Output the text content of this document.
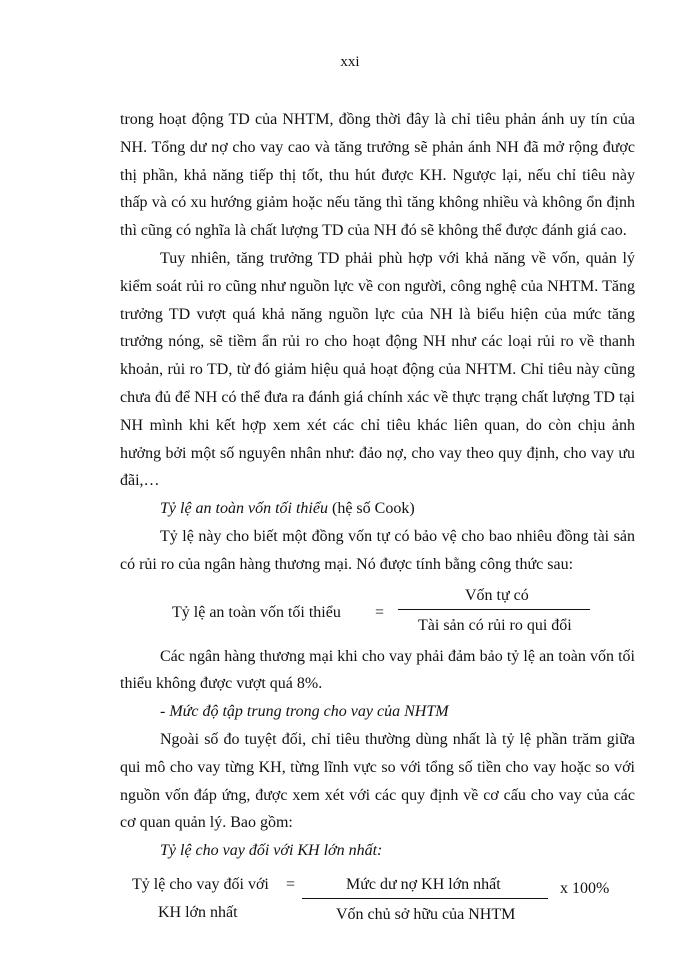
xxi

trong hoạt động TD của NHTM, đồng thời đây là chỉ tiêu phản ánh uy tín của NH. Tổng dư nợ cho vay cao và tăng trưởng sẽ phản ánh NH đã mở rộng được thị phần, khả năng tiếp thị tốt, thu hút được KH. Ngược lại, nếu chỉ tiêu này thấp và có xu hướng giảm hoặc nếu tăng thì tăng không nhiều và không ổn định thì cũng có nghĩa là chất lượng TD của NH đó sẽ không thể được đánh giá cao.

Tuy nhiên, tăng trưởng TD phải phù hợp với khả năng về vốn, quản lý kiểm soát rủi ro cũng như nguồn lực về con người, công nghệ của NHTM. Tăng trưởng TD vượt quá khả năng nguồn lực của NH là biểu hiện của mức tăng trưởng nóng, sẽ tiềm ẩn rủi ro cho hoạt động NH như các loại rủi ro về thanh khoản, rủi ro TD, từ đó giảm hiệu quả hoạt động của NHTM. Chỉ tiêu này cũng chưa đủ để NH có thể đưa ra đánh giá chính xác về thực trạng chất lượng TD tại NH mình khi kết hợp xem xét các chỉ tiêu khác liên quan, do còn chịu ảnh hưởng bởi một số nguyên nhân như: đảo nợ, cho vay theo quy định, cho vay ưu đãi,…

Tỷ lệ an toàn vốn tối thiểu (hệ số Cook)

Tỷ lệ này cho biết một đồng vốn tự có bảo vệ cho bao nhiêu đồng tài sản có rủi ro của ngân hàng thương mại. Nó được tính bằng công thức sau:

Tỷ lệ an toàn vốn tối thiểu =
Vốn tự có
Tài sản có rủi ro qui đổi

Các ngân hàng thương mại khi cho vay phải đảm bảo tỷ lệ an toàn vốn tối thiểu không được vượt quá 8%.

- Mức độ tập trung trong cho vay của NHTM

Ngoài số đo tuyệt đối, chỉ tiêu thường dùng nhất là tỷ lệ phần trăm giữa qui mô cho vay từng KH, từng lĩnh vực so với tổng số tiền cho vay hoặc so với nguồn vốn đáp ứng, được xem xét với các quy định về cơ cấu cho vay của các cơ quan quản lý. Bao gồm:

Tỷ lệ cho vay đối với KH lớn nhất:

Tỷ lệ cho vay đối với
KH lớn nhất
=	Mức dư nợ KH lớn nhất
Vốn chủ sở hữu của NHTM
x 100%
